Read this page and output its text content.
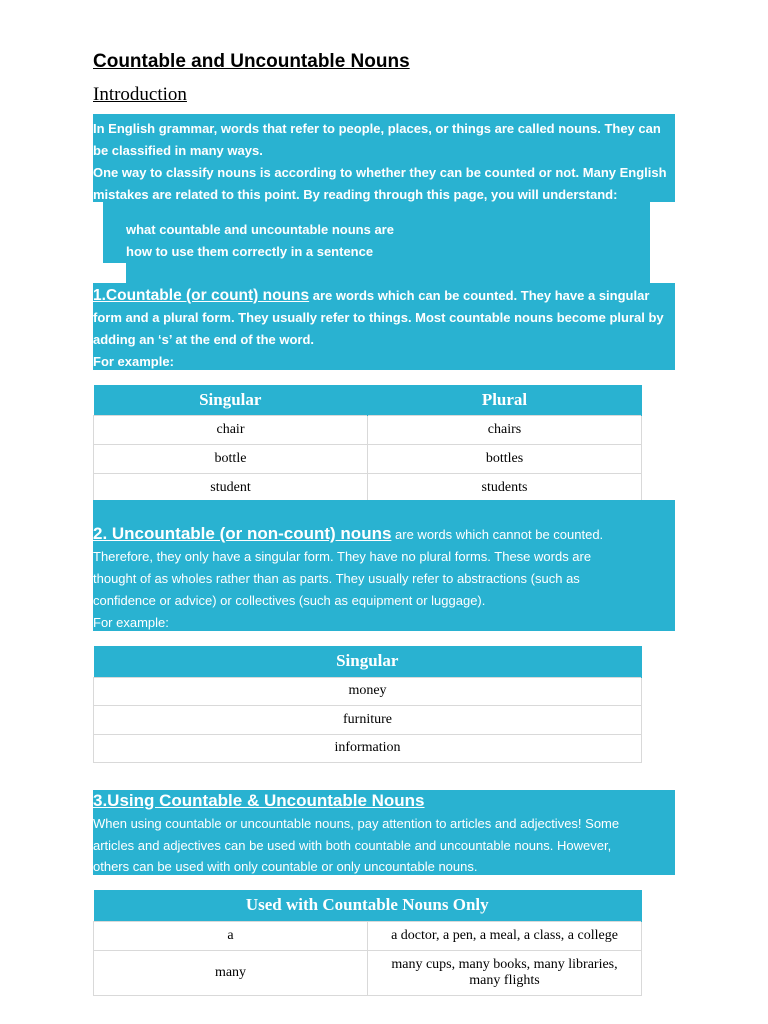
Countable and Uncountable Nouns
Introduction
In English grammar, words that refer to people, places, or things are called nouns. They can
be classified in many ways.
One way to classify nouns is according to whether they can be counted or not. Many English
mistakes are related to this point. By reading through this page, you will understand:
what countable and uncountable nouns are
how to use them correctly in a sentence
1.Countable (or count) nouns are words which can be counted. They have a singular
form and a plural form. They usually refer to things. Most countable nouns become plural by
adding an ‘s’ at the end of the word.
For example:
Singular	Plural
chair	chairs
bottle	bottles
student	students
2. Uncountable (or non-count) nouns are words which cannot be counted.
Therefore, they only have a singular form. They have no plural forms. These words are
thought of as wholes rather than as parts. They usually refer to abstractions (such as
confidence or advice) or collectives (such as equipment or luggage).
For example:
Singular
money
furniture
information
3.Using Countable & Uncountable Nouns
When using countable or uncountable nouns, pay attention to articles and adjectives! Some
articles and adjectives can be used with both countable and uncountable nouns. However,
others can be used with only countable or only uncountable nouns.
Used with Countable Nouns Only	
a	a doctor, a pen, a meal, a class, a college
many	many cups, many books, many libraries,
many flights
